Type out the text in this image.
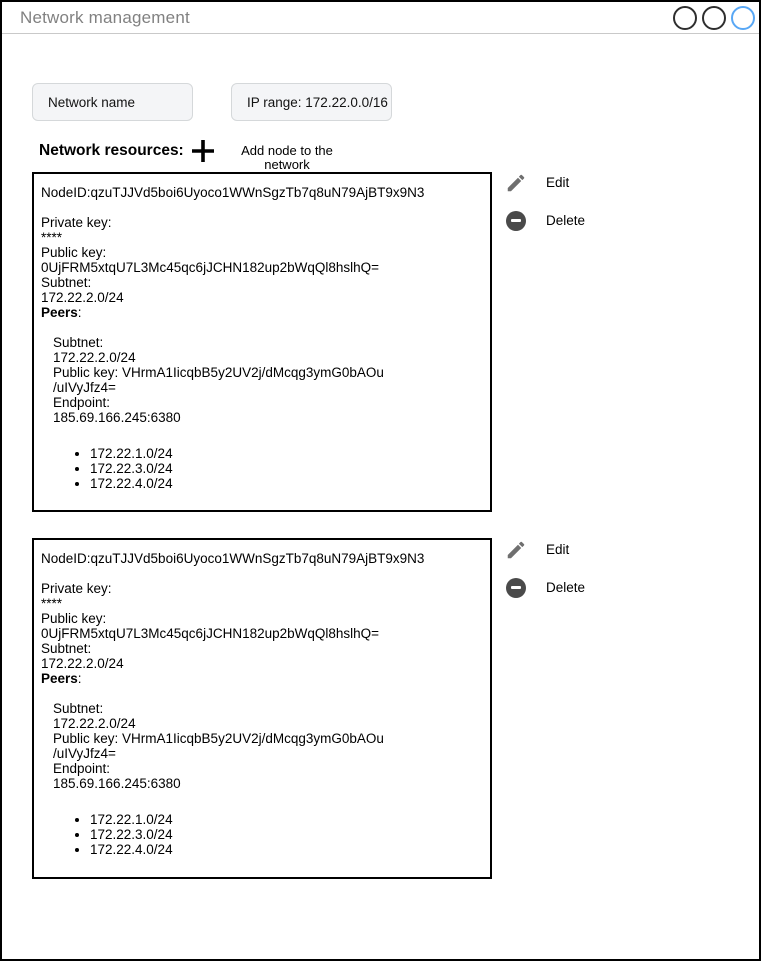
Network management
Network name	IP range: 172.22.0.0/16
Network resources:	Add node to the network
NodeID:qzuTJJVd5boi6Uyoco1WWnSgzTb7q8uN79AjBT9x9N3
Private key:
****
Public key:
0UjFRM5xtqU7L3Mc45qc6jJCHN182up2bWqQl8hslhQ=
Subtnet:
172.22.2.0/24
Peers:
Subtnet:
172.22.2.0/24
Public key: VHrmA1IicqbB5y2UV2j/dMcqg3ymG0bAOu
/uIVyJfz4=
Endpoint:
185.69.166.245:6380
• 172.22.1.0/24
• 172.22.3.0/24
• 172.22.4.0/24
Edit
Delete
NodeID:qzuTJJVd5boi6Uyoco1WWnSgzTb7q8uN79AjBT9x9N3
Private key:
****
Public key:
0UjFRM5xtqU7L3Mc45qc6jJCHN182up2bWqQl8hslhQ=
Subtnet:
172.22.2.0/24
Peers:
Subtnet:
172.22.2.0/24
Public key: VHrmA1IicqbB5y2UV2j/dMcqg3ymG0bAOu
/uIVyJfz4=
Endpoint:
185.69.166.245:6380
• 172.22.1.0/24
• 172.22.3.0/24
• 172.22.4.0/24
Edit
Delete
